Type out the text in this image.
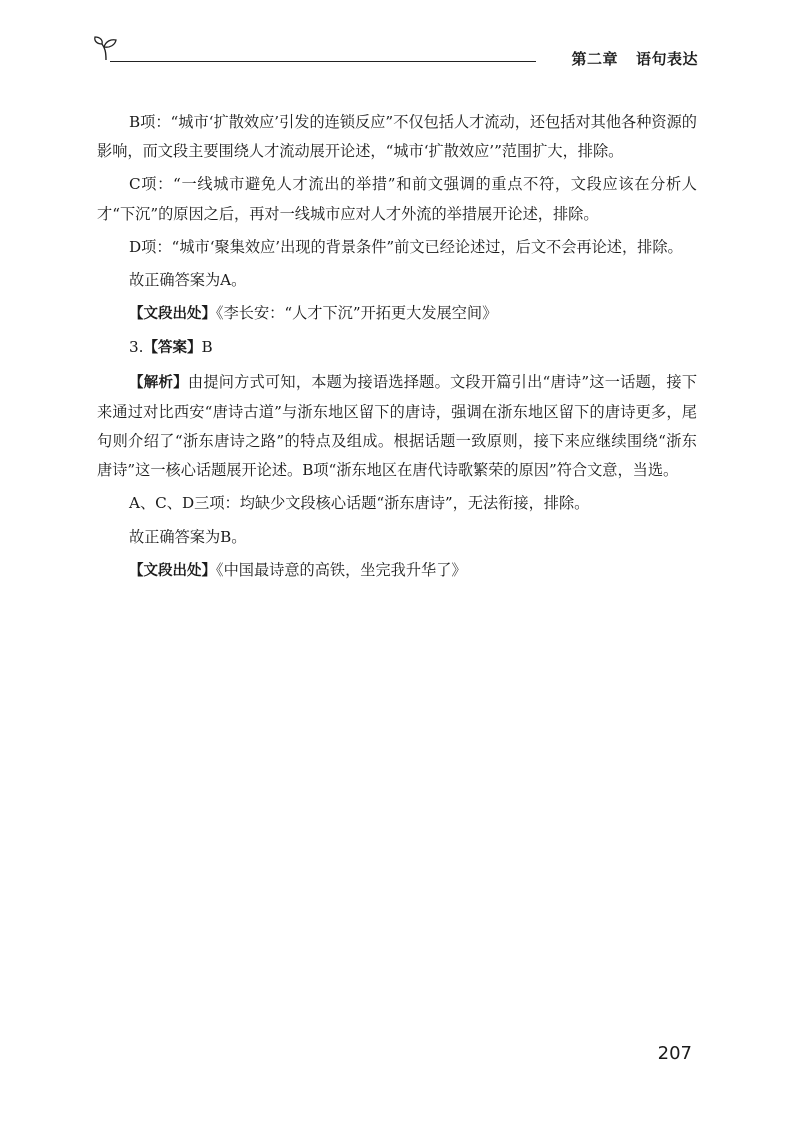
第二章 语句表达

B项：“城市‘扩散效应’引发的连锁反应”不仅包括人才流动，还包括对其他各种资源的影响，而文段主要围绕人才流动展开论述，“城市‘扩散效应’”范围扩大，排除。

C项：“一线城市避免人才流出的举措”和前文强调的重点不符，文段应该在分析人才“下沉”的原因之后，再对一线城市应对人才外流的举措展开论述，排除。

D项：“城市‘聚集效应’出现的背景条件”前文已经论述过，后文不会再论述，排除。

故正确答案为A。

【文段出处】《李长安：“人才下沉”开拓更大发展空间》

3.【答案】B

【解析】由提问方式可知，本题为接语选择题。文段开篇引出“唐诗”这一话题，接下来通过对比西安“唐诗古道”与浙东地区留下的唐诗，强调在浙东地区留下的唐诗更多，尾句则介绍了“浙东唐诗之路”的特点及组成。根据话题一致原则，接下来应继续围绕“浙东唐诗”这一核心话题展开论述。B项“浙东地区在唐代诗歌繁荣的原因”符合文意，当选。

A、C、D三项：均缺少文段核心话题“浙东唐诗”，无法衔接，排除。

故正确答案为B。

【文段出处】《中国最诗意的高铁，坐完我升华了》

207
